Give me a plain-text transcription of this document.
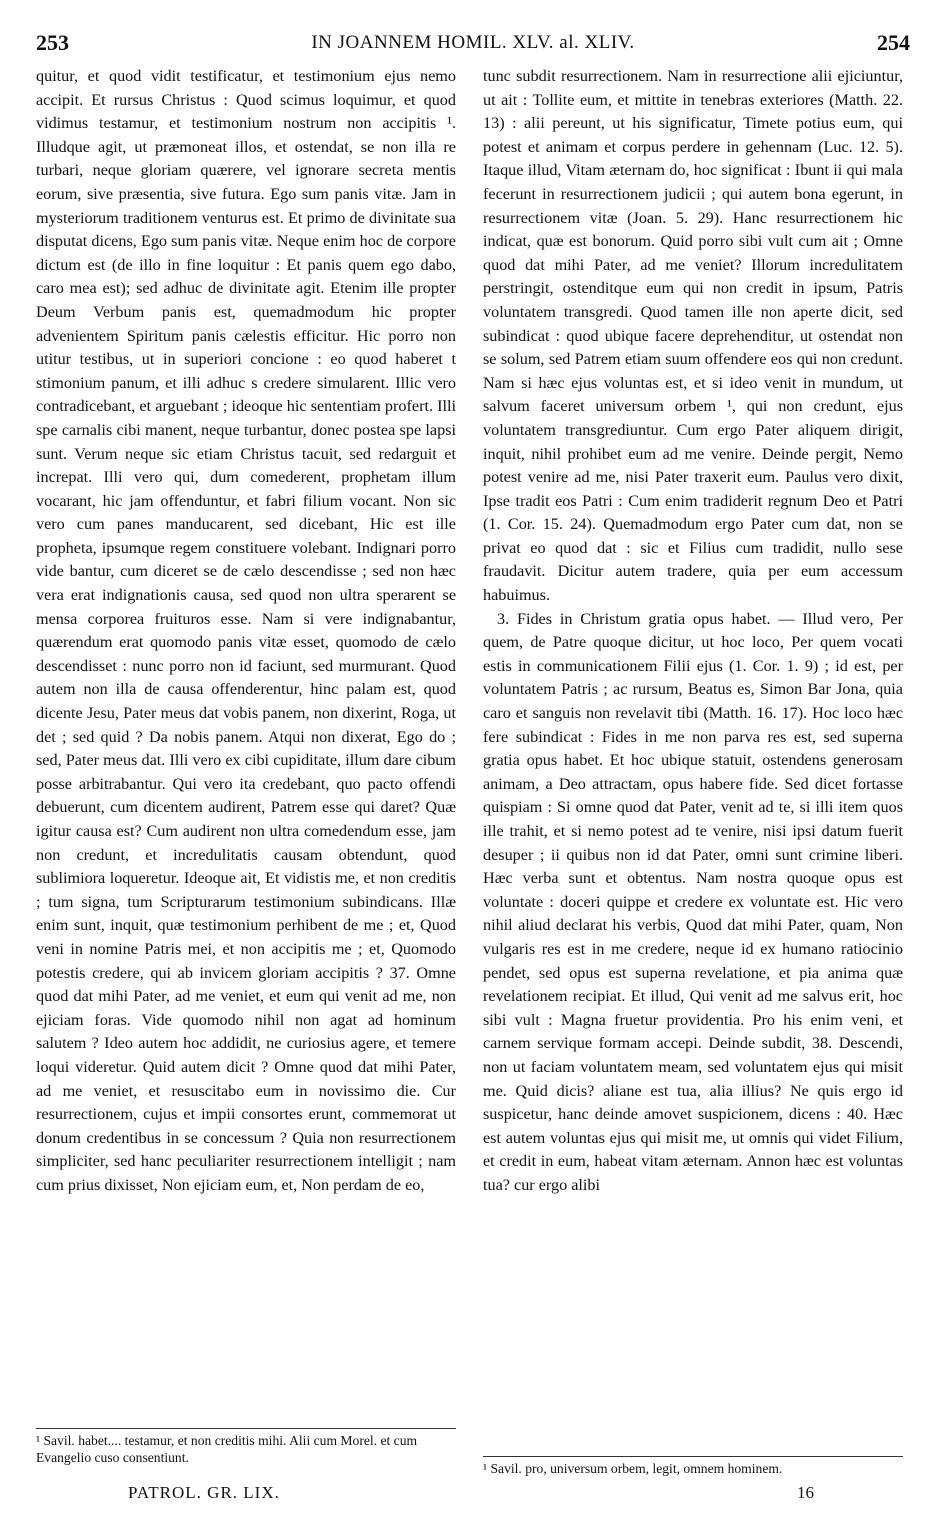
253	IN JOANNEM HOMIL. XLV. al. XLIV.	254

quitur, et quod vidit testificatur, et testimonium ejus nemo accipit. Et rursus Christus : Quod scimus loquimur, et quod vidimus testamur, et testimonium nostrum non accipitis ¹. Illudque agit, ut præmoneat illos, et ostendat, se non illa re turbari, neque gloriam quærere, vel ignorare secreta mentis eorum, sive præsentia, sive futura. Ego sum panis vitæ. Jam in mysteriorum traditionem venturus est. Et primo de divinitate sua disputat dicens, Ego sum panis vitæ. Neque enim hoc de corpore dictum est (de illo in fine loquitur : Et panis quem ego dabo, caro mea est); sed adhuc de divinitate agit. Etenim ille propter Deum Verbum panis est, quemadmodum hic propter advenientem Spiritum panis cælestis efficitur. Hic porro non utitur testibus, ut in superiori concione : eo quod haberet t stimonium panum, et illi adhuc s credere simularent. Illic vero contradicebant, et arguebant ; ideoque hic sententiam profert. Illi spe carnalis cibi manent, neque turbantur, donec postea spe lapsi sunt. Verum neque sic etiam Christus tacuit, sed redarguit et increpat. Illi vero qui, dum comederent, prophetam illum vocarant, hic jam offenduntur, et fabri filium vocant. Non sic vero cum panes manducarent, sed dicebant, Hic est ille propheta, ipsumque regem constituere volebant. Indignari porro vide bantur, cum diceret se de cælo descendisse ; sed non hæc vera erat indignationis causa, sed quod non ultra sperarent se mensa corporea fruituros esse. Nam si vere indignabantur, quærendum erat quomodo panis vitæ esset, quomodo de cælo descendisset : nunc porro non id faciunt, sed murmurant. Quod autem non illa de causa offenderentur, hinc palam est, quod dicente Jesu, Pater meus dat vobis panem, non dixerint, Roga, ut det ; sed quid ? Da nobis panem. Atqui non dixerat, Ego do ; sed, Pater meus dat. Illi vero ex cibi cupiditate, illum dare cibum posse arbitrabantur. Qui vero ita credebant, quo pacto offendi debuerunt, cum dicentem audirent, Patrem esse qui daret? Quæ igitur causa est? Cum audirent non ultra comedendum esse, jam non credunt, et incredulitatis causam obtendunt, quod sublimiora loqueretur. Ideoque ait, Et vidistis me, et non creditis ; tum signa, tum Scripturarum testimonium subindicans. Illæ enim sunt, inquit, quæ testimonium perhibent de me ; et, Quod veni in nomine Patris mei, et non accipitis me ; et, Quomodo potestis credere, qui ab invicem gloriam accipitis ? 37. Omne quod dat mihi Pater, ad me veniet, et eum qui venit ad me, non ejiciam foras. Vide quomodo nihil non agat ad hominum salutem ? Ideo autem hoc addidit, ne curiosius agere, et temere loqui videretur. Quid autem dicit ? Omne quod dat mihi Pater, ad me veniet, et resuscitabo eum in novissimo die. Cur resurrectionem, cujus et impii consortes erunt, commemorat ut donum credentibus in se concessum ? Quia non resurrectionem simpliciter, sed hanc peculiariter resurrectionem intelligit ; nam cum prius dixisset, Non ejiciam eum, et, Non perdam de eo,

tunc subdit resurrectionem. Nam in resurrectione alii ejiciuntur, ut ait : Tollite eum, et mittite in tenebras exteriores (Matth. 22. 13) : alii pereunt, ut his significatur, Timete potius eum, qui potest et animam et corpus perdere in gehennam (Luc. 12. 5). Itaque illud, Vitam æternam do, hoc significat : Ibunt ii qui mala fecerunt in resurrectionem judicii ; qui autem bona egerunt, in resurrectionem vitæ (Joan. 5. 29). Hanc resurrectionem hic indicat, quæ est bonorum. Quid porro sibi vult cum ait ; Omne quod dat mihi Pater, ad me veniet? Illorum incredulitatem perstringit, ostenditque eum qui non credit in ipsum, Patris voluntatem transgredi. Quod tamen ille non aperte dicit, sed subindicat : quod ubique facere deprehenditur, ut ostendat non se solum, sed Patrem etiam suum offendere eos qui non credunt. Nam si hæc ejus voluntas est, et si ideo venit in mundum, ut salvum faceret universum orbem ¹, qui non credunt, ejus voluntatem transgrediuntur. Cum ergo Pater aliquem dirigit, inquit, nihil prohibet eum ad me venire. Deinde pergit, Nemo potest venire ad me, nisi Pater traxerit eum. Paulus vero dixit, Ipse tradit eos Patri : Cum enim tradiderit regnum Deo et Patri (1. Cor. 15. 24). Quemadmodum ergo Pater cum dat, non se privat eo quod dat : sic et Filius cum tradidit, nullo sese fraudavit. Dicitur autem tradere, quia per eum accessum habuimus.

3. Fides in Christum gratia opus habet. — Illud vero, Per quem, de Patre quoque dicitur, ut hoc loco, Per quem vocati estis in communicationem Filii ejus (1. Cor. 1. 9) ; id est, per voluntatem Patris ; ac rursum, Beatus es, Simon Bar Jona, quia caro et sanguis non revelavit tibi (Matth. 16. 17). Hoc loco hæc fere subindicat : Fides in me non parva res est, sed superna gratia opus habet. Et hoc ubique statuit, ostendens generosam animam, a Deo attractam, opus habere fide. Sed dicet fortasse quispiam : Si omne quod dat Pater, venit ad te, si illi item quos ille trahit, et si nemo potest ad te venire, nisi ipsi datum fuerit desuper ; ii quibus non id dat Pater, omni sunt crimine liberi. Hæc verba sunt et obtentus. Nam nostra quoque opus est voluntate : doceri quippe et credere ex voluntate est. Hic vero nihil aliud declarat his verbis, Quod dat mihi Pater, quam, Non vulgaris res est in me credere, neque id ex humano ratiocinio pendet, sed opus est superna revelatione, et pia anima quæ revelationem recipiat. Et illud, Qui venit ad me salvus erit, hoc sibi vult : Magna fruetur providentia. Pro his enim veni, et carnem servique formam accepi. Deinde subdit, 38. Descendi, non ut faciam voluntatem meam, sed voluntatem ejus qui misit me. Quid dicis? aliane est tua, alia illius? Ne quis ergo id suspicetur, hanc deinde amovet suspicionem, dicens : 40. Hæc est autem voluntas ejus qui misit me, ut omnis qui videt Filium, et credit in eum, habeat vitam æternam. Annon hæc est voluntas tua? cur ergo alibi

¹ Savil. habet.... testamur, et non creditis mihi. Alii cum Morel. et cum Evangelio cuso consentiunt.
¹ Savil. pro, universum orbem, legit, omnem hominem.
PATROL. GR. LIX.	16
